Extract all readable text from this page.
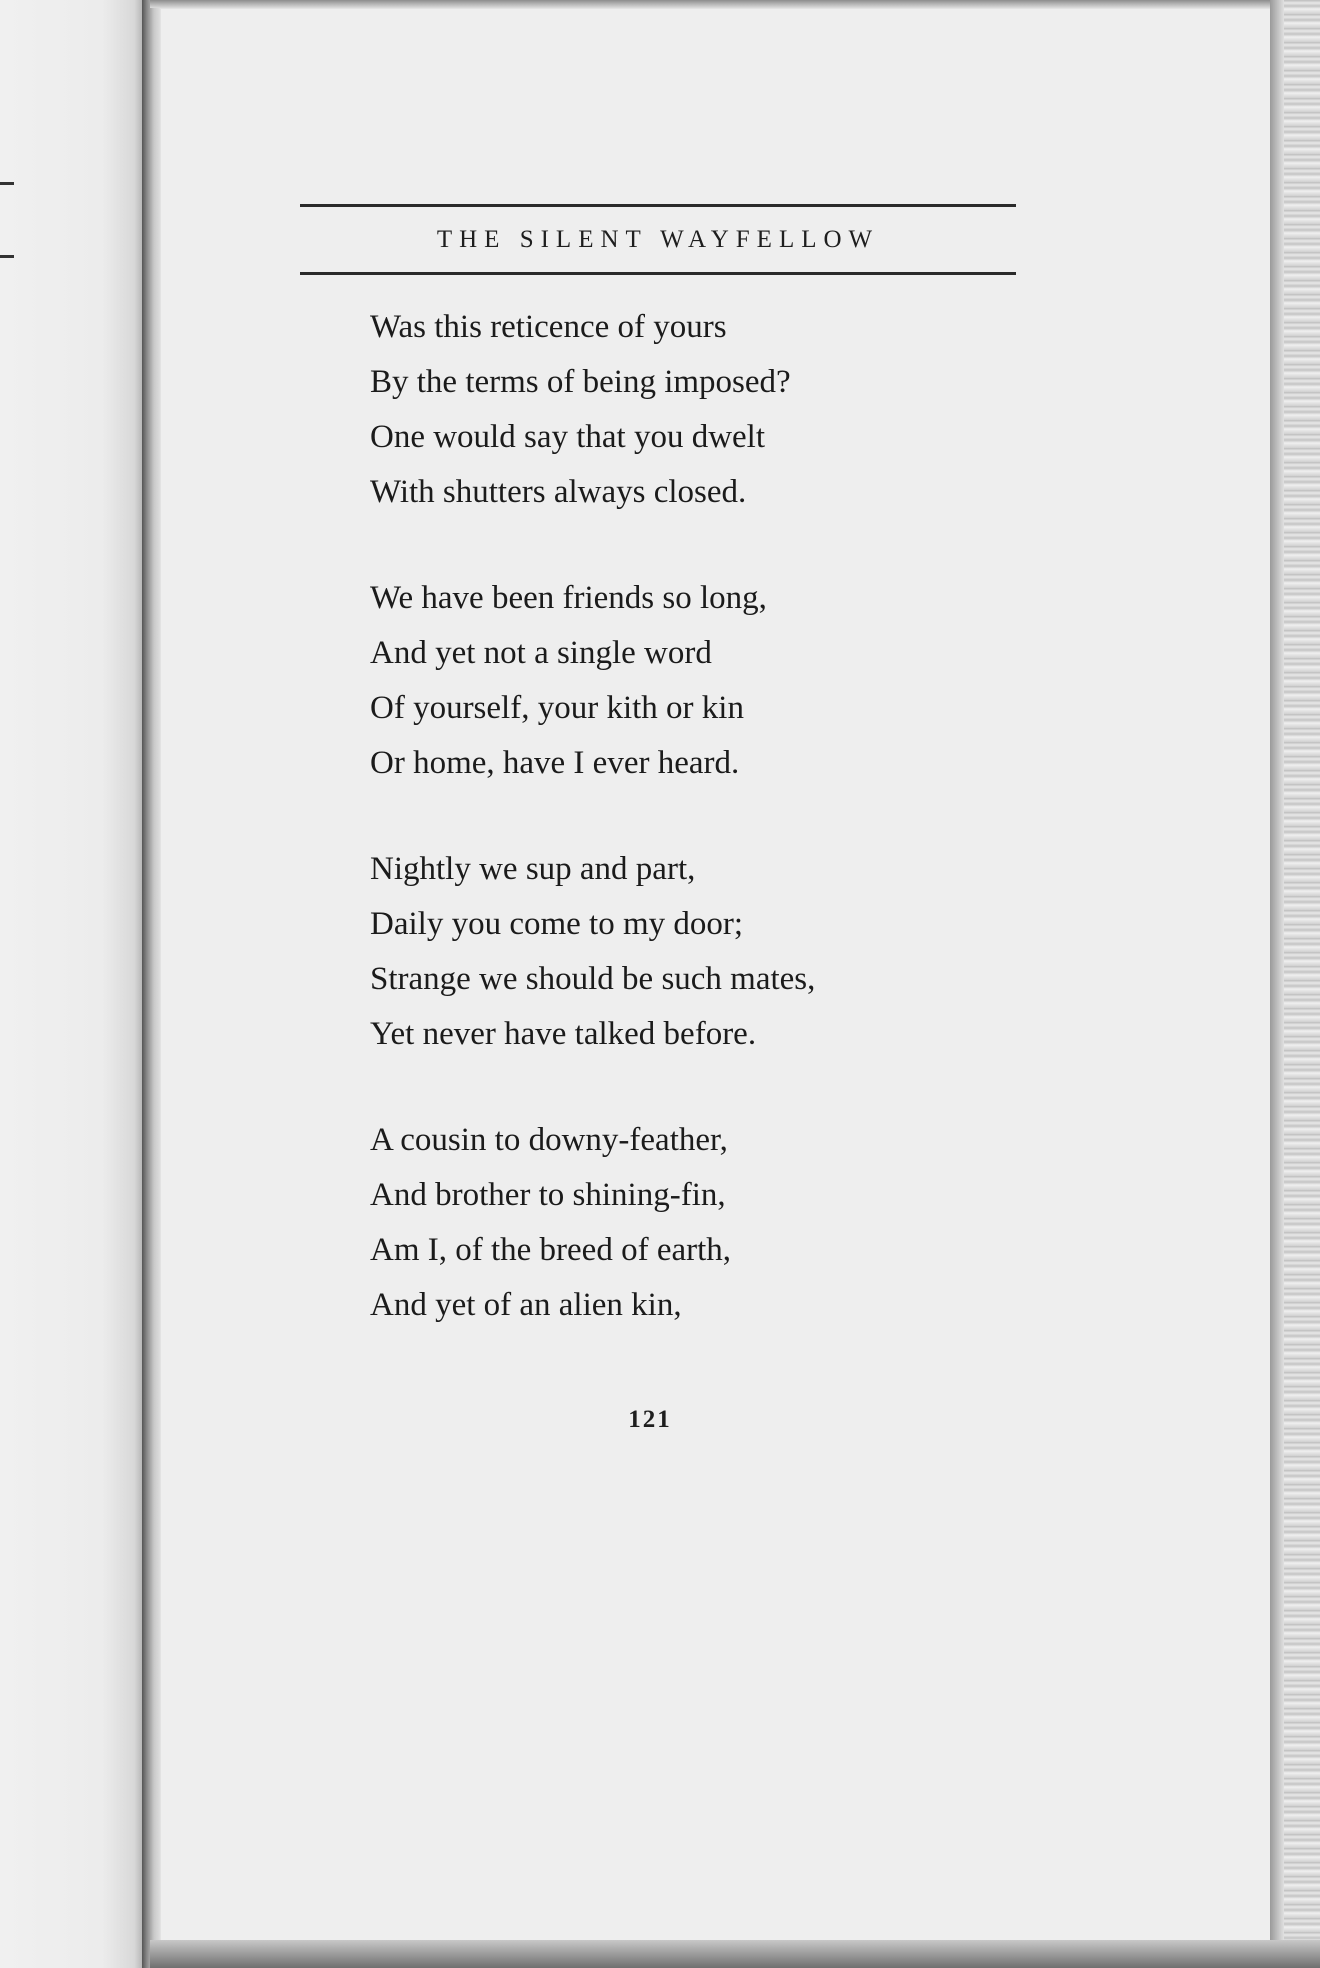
THE SILENT WAYFELLOW
Was this reticence of yours
By the terms of being imposed?
One would say that you dwelt
With shutters always closed.
We have been friends so long,
And yet not a single word
Of yourself, your kith or kin
Or home, have I ever heard.
Nightly we sup and part,
Daily you come to my door;
Strange we should be such mates,
Yet never have talked before.
A cousin to downy-feather,
And brother to shining-fin,
Am I, of the breed of earth,
And yet of an alien kin,
121
